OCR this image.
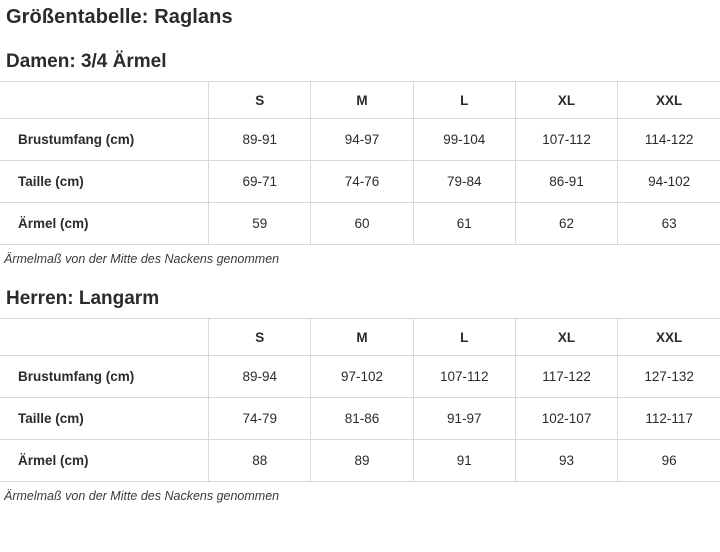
Größentabelle: Raglans
Damen: 3/4 Ärmel
	S	M	L	XL	XXL
Brustumfang (cm)	89-91	94-97	99-104	107-112	114-122
Taille (cm)	69-71	74-76	79-84	86-91	94-102
Ärmel (cm)	59	60	61	62	63

Ärmelmaß von der Mitte des Nackens genommen

Herren: Langarm
	S	M	L	XL	XXL
Brustumfang (cm)	89-94	97-102	107-112	117-122	127-132
Taille (cm)	74-79	81-86	91-97	102-107	112-117
Ärmel (cm)	88	89	91	93	96

Ärmelmaß von der Mitte des Nackens genommen
